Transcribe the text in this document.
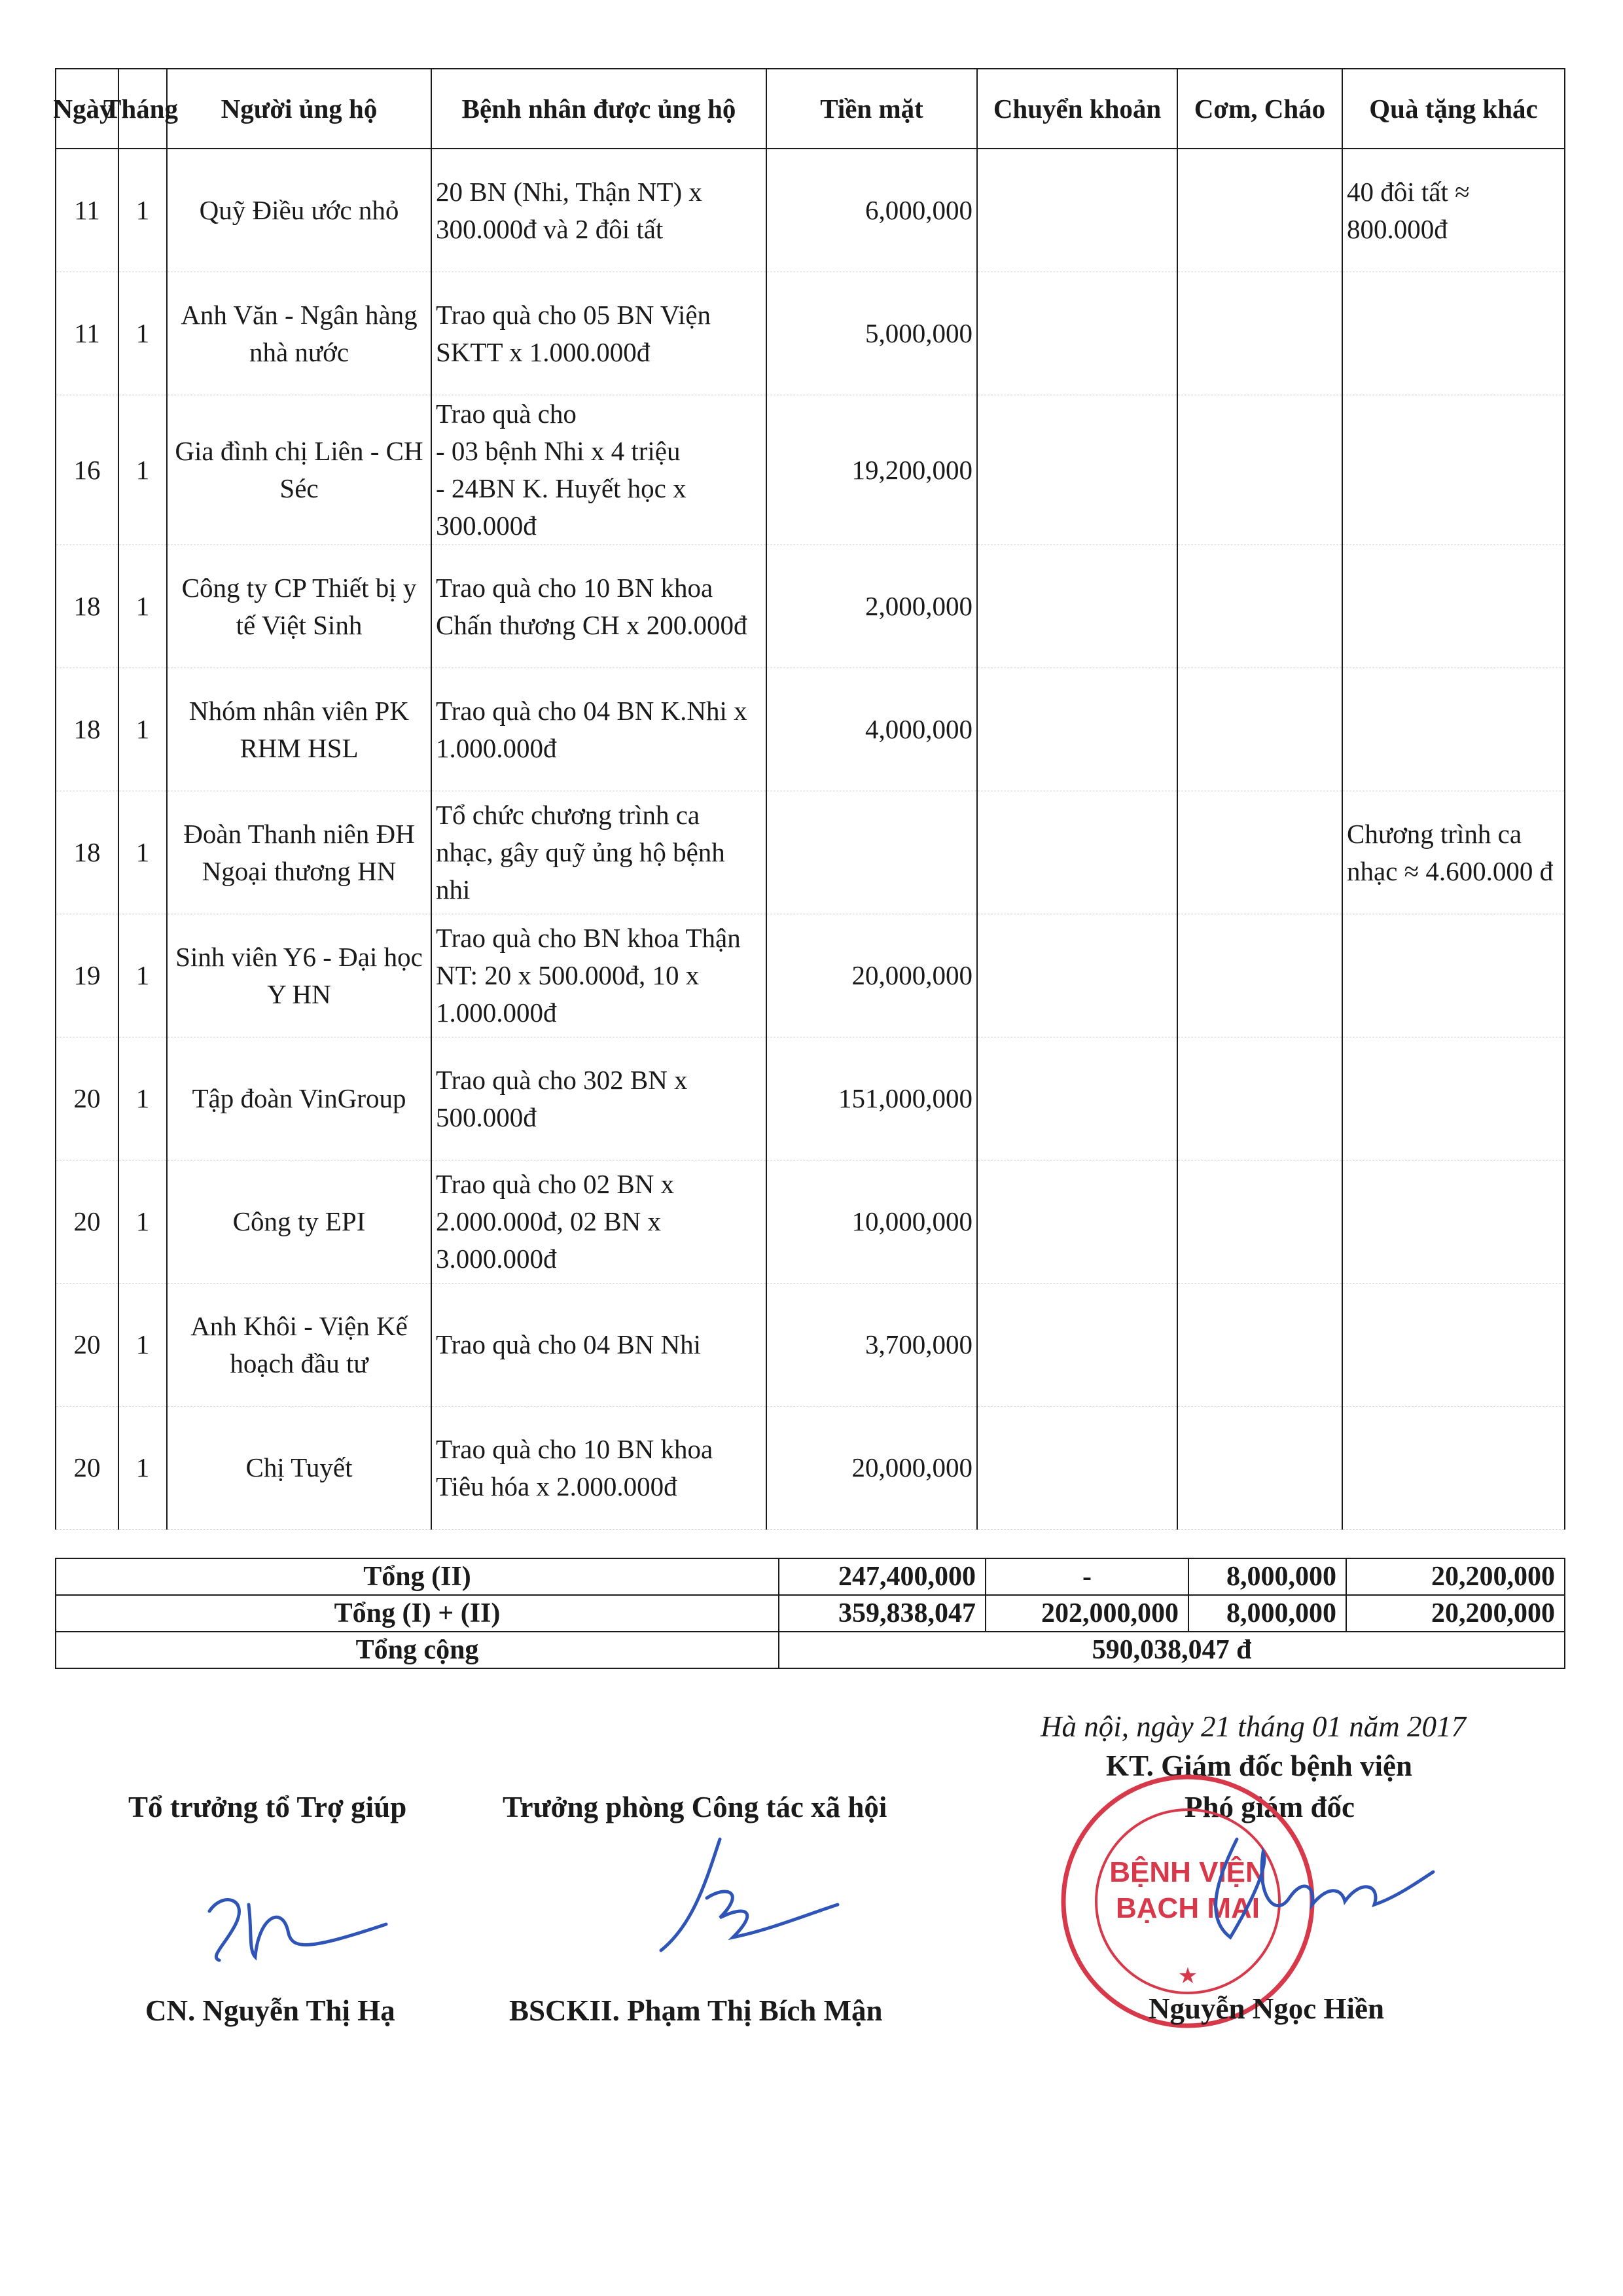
Ngày	Tháng	Người ủng hộ	Bệnh nhân được ủng hộ	Tiền mặt	Chuyển khoản	Cơm, Cháo	Quà tặng khác
11	1	Quỹ Điều ước nhỏ	20 BN (Nhi, Thận NT) x 300.000đ và 2 đôi tất	6,000,000			40 đôi tất ≈ 800.000đ
11	1	Anh Văn - Ngân hàng nhà nước	Trao quà cho 05 BN Viện SKTT x 1.000.000đ	5,000,000			
16	1	Gia đình chị Liên - CH Séc	Trao quà cho
- 03 bệnh Nhi x 4 triệu
- 24BN K. Huyết học x 300.000đ	19,200,000			
18	1	Công ty CP Thiết bị y tế Việt Sinh	Trao quà cho 10 BN khoa Chấn thương CH x 200.000đ	2,000,000			
18	1	Nhóm nhân viên PK RHM HSL	Trao quà cho 04 BN K.Nhi x 1.000.000đ	4,000,000			
18	1	Đoàn Thanh niên ĐH Ngoại thương HN	Tổ chức chương trình ca nhạc, gây quỹ ủng hộ bệnh nhi				Chương trình ca nhạc ≈ 4.600.000 đ
19	1	Sinh viên Y6 - Đại học Y HN	Trao quà cho BN khoa Thận NT: 20 x 500.000đ, 10 x 1.000.000đ	20,000,000			
20	1	Tập đoàn VinGroup	Trao quà cho 302 BN x 500.000đ	151,000,000			
20	1	Công ty EPI	Trao quà cho 02 BN x 2.000.000đ, 02 BN x 3.000.000đ	10,000,000			
20	1	Anh Khôi - Viện Kế hoạch đầu tư	Trao quà cho 04 BN Nhi	3,700,000			
20	1	Chị Tuyết	Trao quà cho 10 BN khoa Tiêu hóa x 2.000.000đ	20,000,000			
Tổng (II)	247,400,000	-	8,000,000	20,200,000
Tổng (I) + (II)	359,838,047	202,000,000	8,000,000	20,200,000
Tổng cộng	590,038,047 đ			
Hà nội, ngày 21 tháng 01 năm 2017
KT. Giám đốc bệnh viện
Phó giám đốc
Tổ trưởng tổ Trợ giúp	Trưởng phòng Công tác xã hội
BỆNH VIỆN
BẠCH MAI
★
CN. Nguyễn Thị Hạ	BSCKII. Phạm Thị Bích Mận	Nguyễn Ngọc Hiền
